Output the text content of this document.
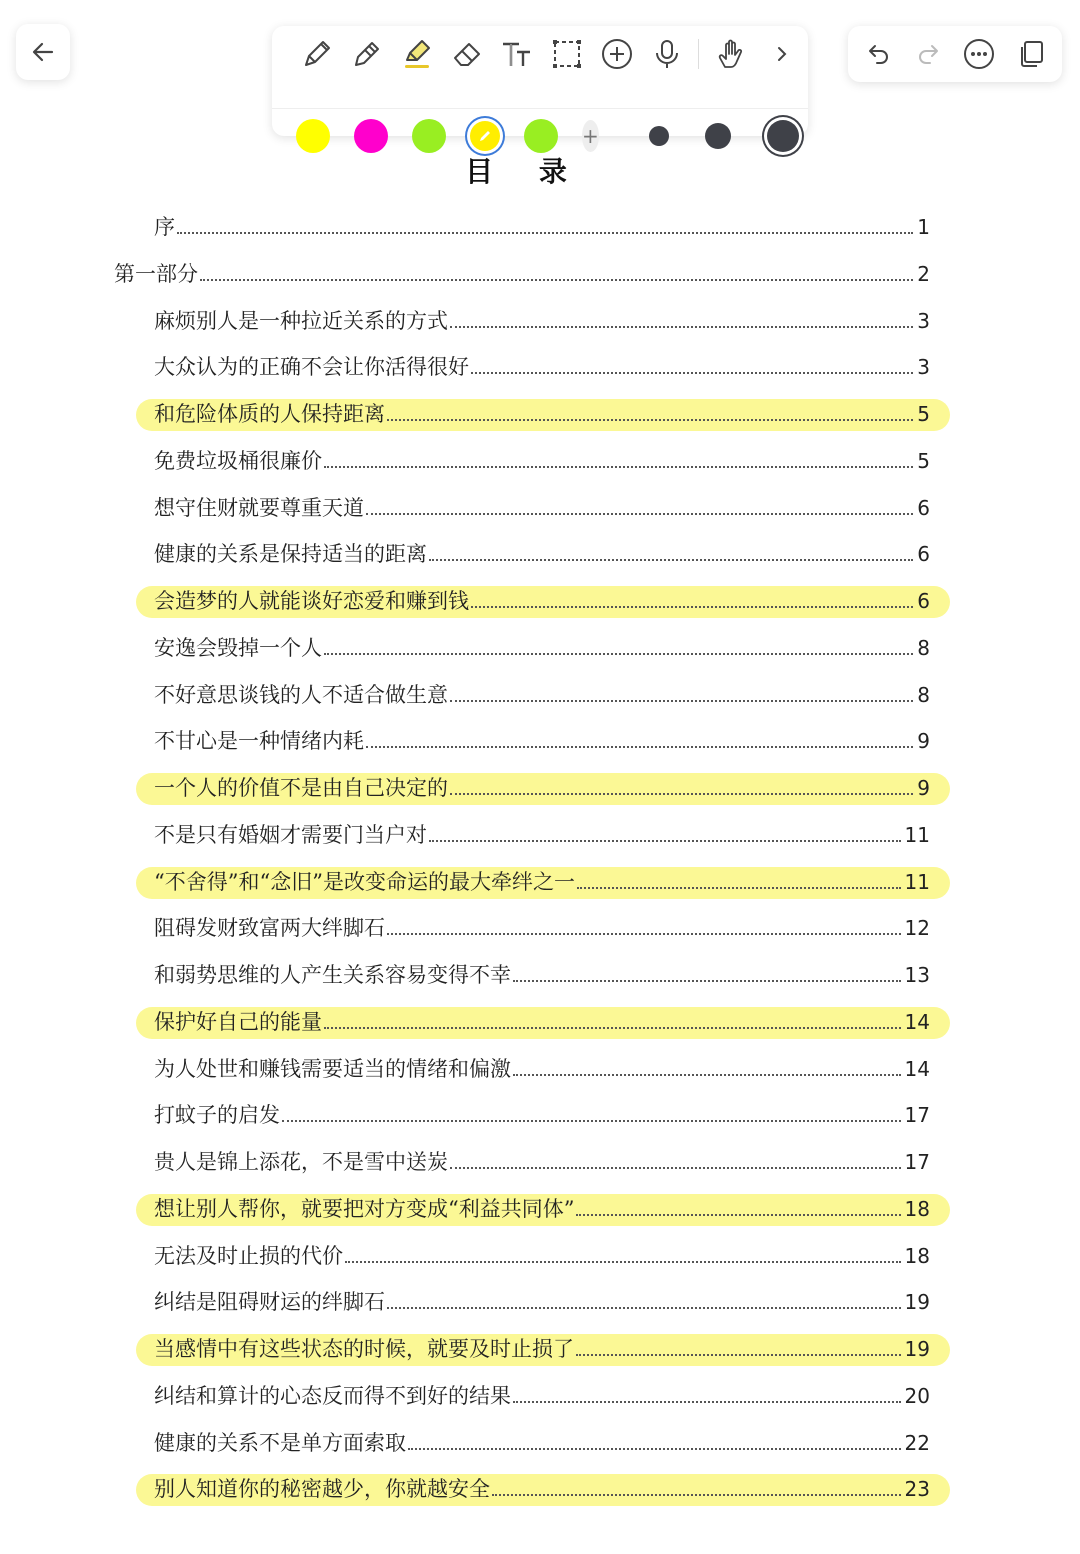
+
目 录
序	1
第一部分	2
麻烦别人是一种拉近关系的方式	3
大众认为的正确不会让你活得很好	3
和危险体质的人保持距离	5
免费垃圾桶很廉价	5
想守住财就要尊重天道	6
健康的关系是保持适当的距离	6
会造梦的人就能谈好恋爱和赚到钱	6
安逸会毁掉一个人	8
不好意思谈钱的人不适合做生意	8
不甘心是一种情绪内耗	9
一个人的价值不是由自己决定的	9
不是只有婚姻才需要门当户对	11
“不舍得”和“念旧”是改变命运的最大牵绊之一	11
阻碍发财致富两大绊脚石	12
和弱势思维的人产生关系容易变得不幸	13
保护好自己的能量	14
为人处世和赚钱需要适当的情绪和偏激	14
打蚊子的启发	17
贵人是锦上添花，不是雪中送炭	17
想让别人帮你，就要把对方变成“利益共同体”	18
无法及时止损的代价	18
纠结是阻碍财运的绊脚石	19
当感情中有这些状态的时候，就要及时止损了	19
纠结和算计的心态反而得不到好的结果	20
健康的关系不是单方面索取	22
别人知道你的秘密越少，你就越安全	23
